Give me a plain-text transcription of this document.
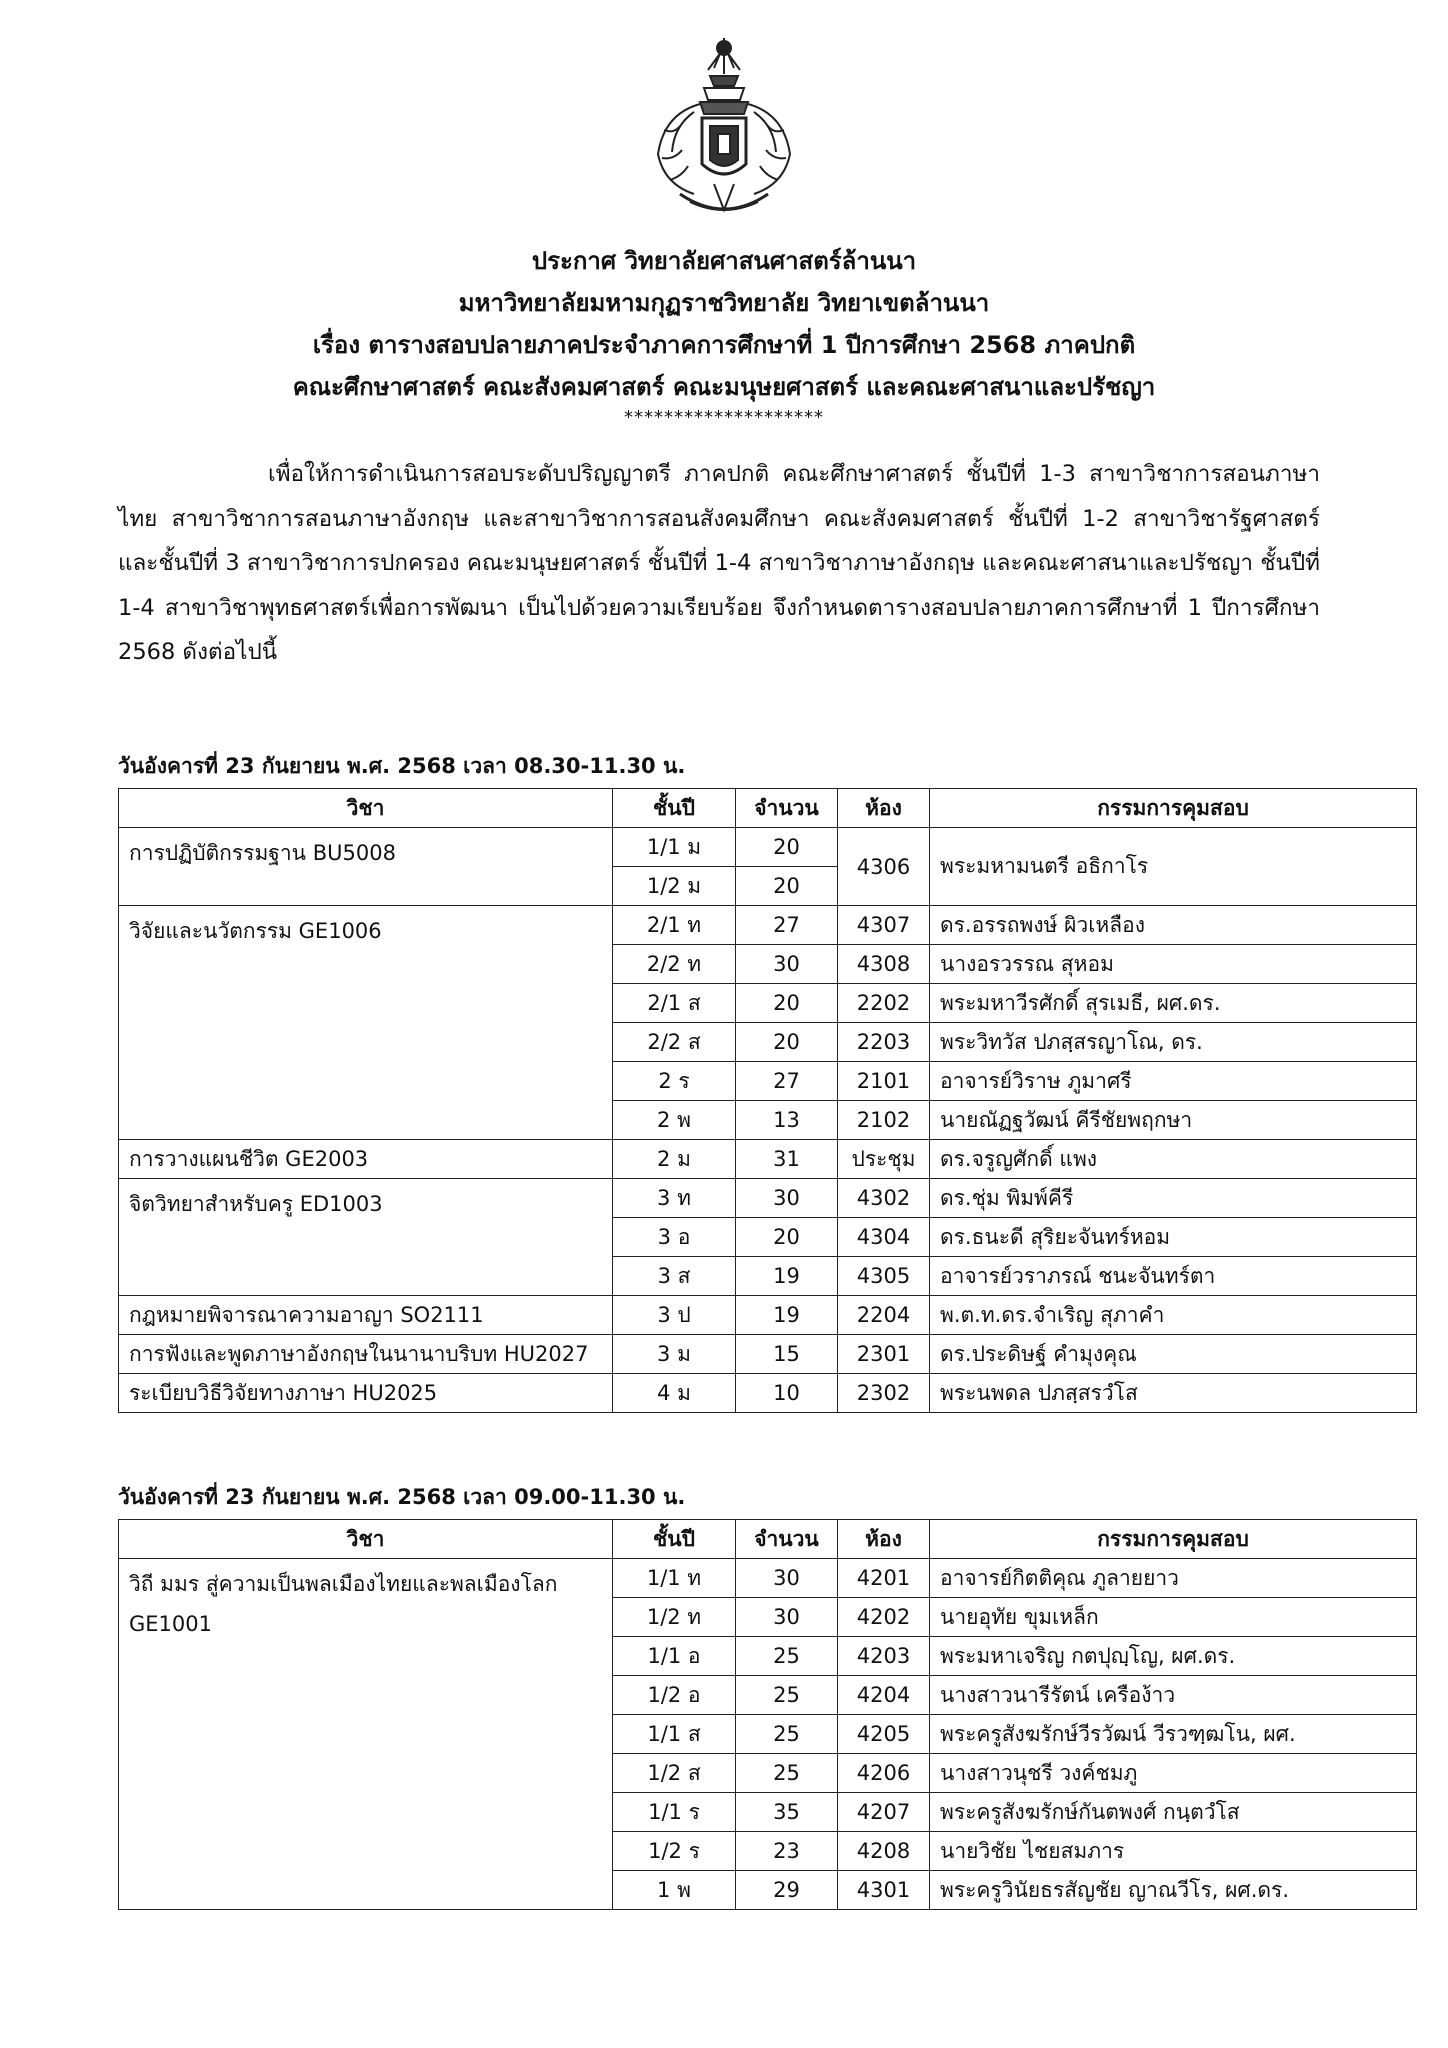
ประกาศ วิทยาลัยศาสนศาสตร์ล้านนา
มหาวิทยาลัยมหามกุฏราชวิทยาลัย วิทยาเขตล้านนา
เรื่อง ตารางสอบปลายภาคประจำภาคการศึกษาที่ 1 ปีการศึกษา 2568 ภาคปกติ
คณะศึกษาศาสตร์ คณะสังคมศาสตร์ คณะมนุษยศาสตร์ และคณะศาสนาและปรัชญา
********************
เพื่อให้การดำเนินการสอบระดับปริญญาตรี ภาคปกติ คณะศึกษาศาสตร์ ชั้นปีที่ 1-3 สาขาวิชาการสอนภาษาไทย สาขาวิชาการสอนภาษาอังกฤษ และสาขาวิชาการสอนสังคมศึกษา คณะสังคมศาสตร์ ชั้นปีที่ 1-2 สาขาวิชารัฐศาสตร์ และชั้นปีที่ 3 สาขาวิชาการปกครอง คณะมนุษยศาสตร์ ชั้นปีที่ 1-4 สาขาวิชาภาษาอังกฤษ และคณะศาสนาและปรัชญา ชั้นปีที่ 1-4 สาขาวิชาพุทธศาสตร์เพื่อการพัฒนา เป็นไปด้วยความเรียบร้อย จึงกำหนดตารางสอบปลายภาคการศึกษาที่ 1 ปีการศึกษา 2568 ดังต่อไปนี้
วันอังคารที่ 23 กันยายน พ.ศ. 2568 เวลา 08.30-11.30 น.
วิชา	ชั้นปี	จำนวน	ห้อง	กรรมการคุมสอบ
การปฏิบัติกรรมฐาน BU5008	1/1 ม	20	4306	พระมหามนตรี อธิกาโร
	1/2 ม	20		
วิจัยและนวัตกรรม GE1006	2/1 ท	27	4307	ดร.อรรถพงษ์ ผิวเหลือง
	2/2 ท	30	4308	นางอรวรรณ สุหอม
	2/1 ส	20	2202	พระมหาวีรศักดิ์ สุรเมธี, ผศ.ดร.
	2/2 ส	20	2203	พระวิทวัส ปภสฺสรญาโณ, ดร.
	2 ร	27	2101	อาจารย์วิราษ ภูมาศรี
	2 พ	13	2102	นายณัฏฐวัฒน์ คีรีชัยพฤกษา
การวางแผนชีวิต GE2003	2 ม	31	ประชุม	ดร.จรูญศักดิ์ แพง
จิตวิทยาสำหรับครู ED1003	3 ท	30	4302	ดร.ชุ่ม พิมพ์คีรี
	3 อ	20	4304	ดร.ธนะดี สุริยะจันทร์หอม
	3 ส	19	4305	อาจารย์วราภรณ์ ชนะจันทร์ตา
กฎหมายพิจารณาความอาญา SO2111	3 ป	19	2204	พ.ต.ท.ดร.จำเริญ สุภาคำ
การฟังและพูดภาษาอังกฤษในนานาบริบท HU2027	3 ม	15	2301	ดร.ประดิษฐ์ คำมุงคุณ
ระเบียบวิธีวิจัยทางภาษา HU2025	4 ม	10	2302	พระนพดล ปภสฺสรวํโส
วันอังคารที่ 23 กันยายน พ.ศ. 2568 เวลา 09.00-11.30 น.
วิชา	ชั้นปี	จำนวน	ห้อง	กรรมการคุมสอบ
วิถี มมร สู่ความเป็นพลเมืองไทยและพลเมืองโลก GE1001	1/1 ท	30	4201	อาจารย์กิตติคุณ ภูลายยาว
	1/2 ท	30	4202	นายอุทัย ขุมเหล็ก
	1/1 อ	25	4203	พระมหาเจริญ กตปุญฺโญ, ผศ.ดร.
	1/2 อ	25	4204	นางสาวนารีรัตน์ เครือง้าว
	1/1 ส	25	4205	พระครูสังฆรักษ์วีรวัฒน์ วีรวฑฺฒโน, ผศ.
	1/2 ส	25	4206	นางสาวนุชรี วงค์ชมภู
	1/1 ร	35	4207	พระครูสังฆรักษ์กันตพงศ์ กนฺตวํโส
	1/2 ร	23	4208	นายวิชัย ไชยสมภาร
	1 พ	29	4301	พระครูวินัยธรสัญชัย ญาณวีโร, ผศ.ดร.
